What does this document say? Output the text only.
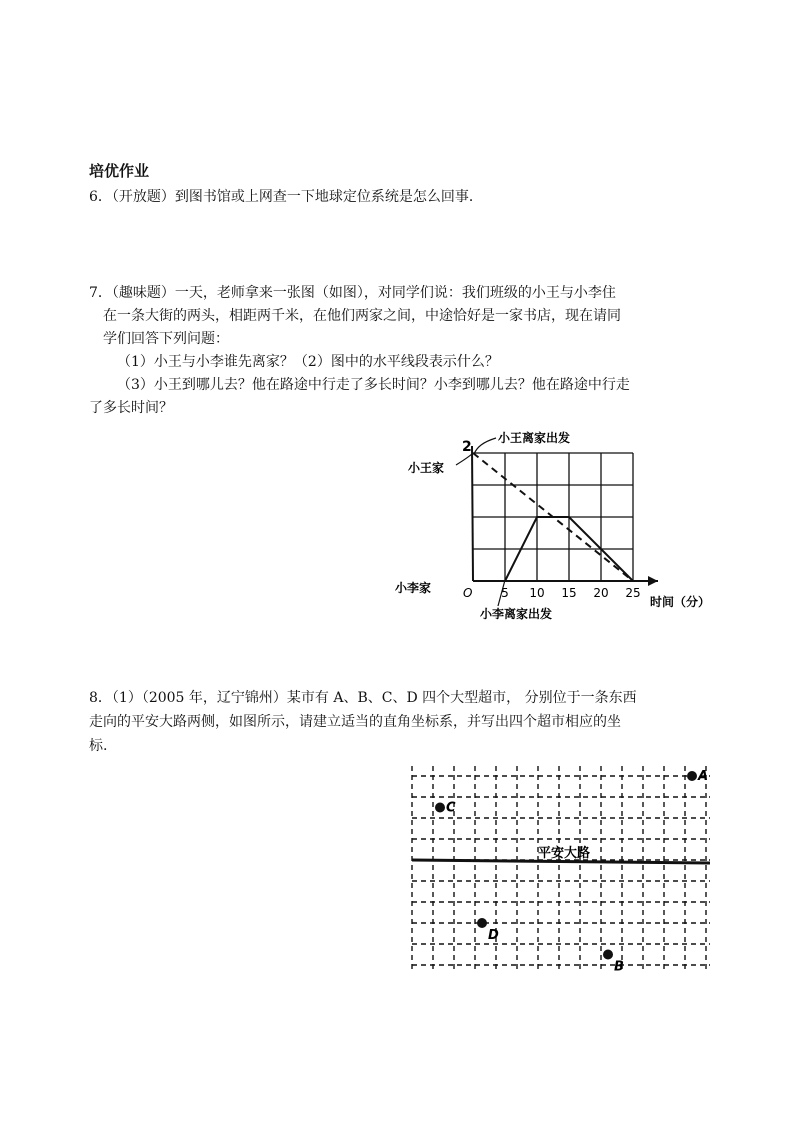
培优作业
6．（开放题）到图书馆或上网查一下地球定位系统是怎么回事．
7．（趣味题）一天，老师拿来一张图（如图），对同学们说：我们班级的小王与小李住
在一条大街的两头，相距两千米，在他们两家之间，中途恰好是一家书店，现在请同
学们回答下列问题：
（1）小王与小李谁先离家？（2）图中的水平线段表示什么？
（3）小王到哪儿去？他在路途中行走了多长时间？小李到哪儿去？他在路途中行走
了多长时间？
2
O 5 10 15 20 25
时间（分）
小王家
小李家
小王离家出发
小李离家出发
8．（1）（2005 年，辽宁锦州）某市有 A、B、C、D 四个大型超市， 分别位于一条东西
走向的平安大路两侧，如图所示，请建立适当的直角坐标系，并写出四个超市相应的坐
标.
平安大路
A
C
D
B
